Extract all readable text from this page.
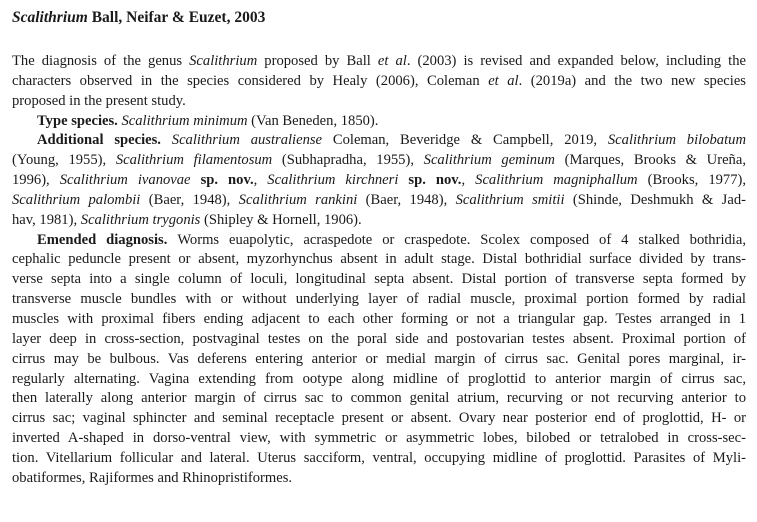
Scalithrium Ball, Neifar & Euzet, 2003
The diagnosis of the genus Scalithrium proposed by Ball et al. (2003) is revised and expanded below, including the
characters observed in the species considered by Healy (2006), Coleman et al. (2019a) and the two new species
proposed in the present study.
Type species. Scalithrium minimum (Van Beneden, 1850).
Additional species. Scalithrium australiense Coleman, Beveridge & Campbell, 2019, Scalithrium bilobatum
(Young, 1955), Scalithrium filamentosum (Subhapradha, 1955), Scalithrium geminum (Marques, Brooks & Ureña,
1996), Scalithrium ivanovae sp. nov., Scalithrium kirchneri sp. nov., Scalithrium magniphallum (Brooks, 1977),
Scalithrium palombii (Baer, 1948), Scalithrium rankini (Baer, 1948), Scalithrium smitii (Shinde, Deshmukh & Jad-
hav, 1981), Scalithrium trygonis (Shipley & Hornell, 1906).
Emended diagnosis. Worms euapolytic, acraspedote or craspedote. Scolex composed of 4 stalked bothridia,
cephalic peduncle present or absent, myzorhynchus absent in adult stage. Distal bothridial surface divided by trans-
verse septa into a single column of loculi, longitudinal septa absent. Distal portion of transverse septa formed by
transverse muscle bundles with or without underlying layer of radial muscle, proximal portion formed by radial
muscles with proximal fibers ending adjacent to each other forming or not a triangular gap. Testes arranged in 1
layer deep in cross-section, postvaginal testes on the poral side and postovarian testes absent. Proximal portion of
cirrus may be bulbous. Vas deferens entering anterior or medial margin of cirrus sac. Genital pores marginal, ir-
regularly alternating. Vagina extending from ootype along midline of proglottid to anterior margin of cirrus sac,
then laterally along anterior margin of cirrus sac to common genital atrium, recurving or not recurving anterior to
cirrus sac; vaginal sphincter and seminal receptacle present or absent. Ovary near posterior end of proglottid, H- or
inverted A-shaped in dorso-ventral view, with symmetric or asymmetric lobes, bilobed or tetralobed in cross-sec-
tion. Vitellarium follicular and lateral. Uterus sacciform, ventral, occupying midline of proglottid. Parasites of Myli-
obatiformes, Rajiformes and Rhinopristiformes.
